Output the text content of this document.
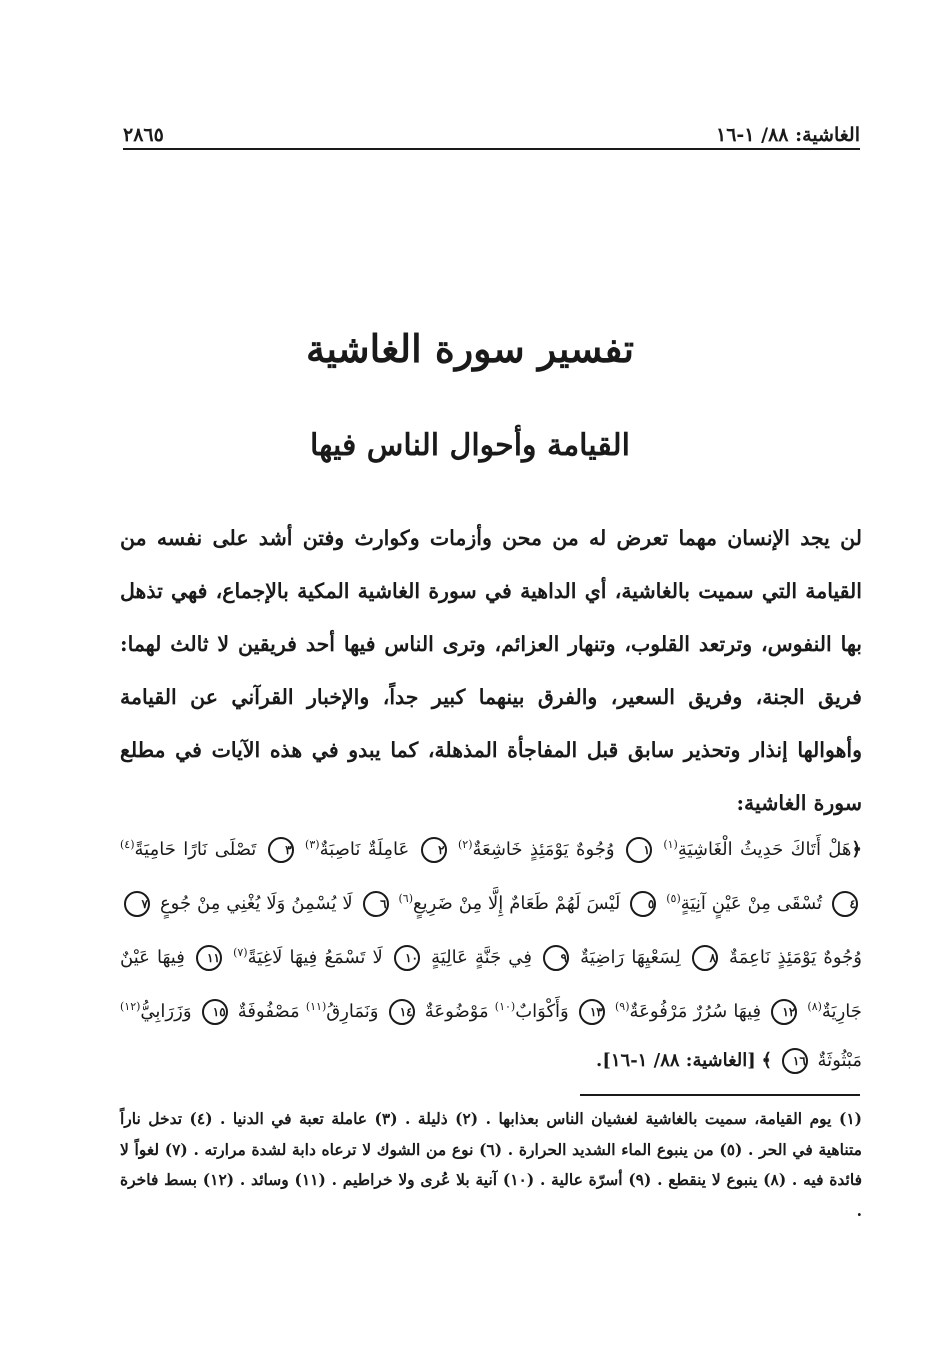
الغاشية: ٨٨/ ١-١٦
٢٨٦٥
تفسير سورة الغاشية
القيامة وأحوال الناس فيها

لن يجد الإنسان مهما تعرض له من محن وأزمات وكوارث وفتن أشد على نفسه من القيامة التي سميت بالغاشية، أي الداهية في سورة الغاشية المكية بالإجماع، فهي تذهل بها النفوس، وترتعد القلوب، وتنهار العزائم، وترى الناس فيها أحد فريقين لا ثالث لهما: فريق الجنة، وفريق السعير، والفرق بينهما كبير جداً، والإخبار القرآني عن القيامة وأهوالها إنذار وتحذير سابق قبل المفاجأة المذهلة، كما يبدو في هذه الآيات في مطلع سورة الغاشية:

﴿هَلْ أَتَاكَ حَدِيثُ الْغَاشِيَةِ$^{(١)}$ ١ وُجُوهٌ يَوْمَئِذٍ خَاشِعَةٌ$^{(٢)}$ ٢ عَامِلَةٌ نَاصِبَةٌ$^{(٣)}$ ٣ تَصْلَى نَارًا حَامِيَةً$^{(٤)}$ ٤ تُسْقَى مِنْ عَيْنٍ آنِيَةٍ$^{(٥)}$ ٥ لَيْسَ لَهُمْ طَعَامٌ إِلَّا مِنْ ضَرِيعٍ$^{(٦)}$ ٦ لَا يُسْمِنُ وَلَا يُغْنِي مِنْ جُوعٍ ٧ وُجُوهٌ يَوْمَئِذٍ نَاعِمَةٌ ٨ لِسَعْيِهَا رَاضِيَةٌ ٩ فِي جَنَّةٍ عَالِيَةٍ ١٠ لَا تَسْمَعُ فِيهَا لَاغِيَةً$^{(٧)}$ ١١ فِيهَا عَيْنٌ جَارِيَةٌ$^{(٨)}$ ١٢ فِيهَا سُرُرٌ مَرْفُوعَةٌ$^{(٩)}$ ١٣ وَأَكْوَابٌ$^{(١٠)}$ مَوْضُوعَةٌ ١٤ وَنَمَارِقُ$^{(١١)}$ مَصْفُوفَةٌ ١٥ وَزَرَابِيُّ$^{(١٢)}$ مَبْثُوثَةٌ ١٦ ﴾ [الغاشية: ٨٨/ ١-١٦].

(١) يوم القيامة، سميت بالغاشية لغشيان الناس بعذابها . (٢) ذليلة . (٣) عاملة تعبة في الدنيا . (٤) تدخل ناراً متناهية في الحر . (٥) من ينبوع الماء الشديد الحرارة . (٦) نوع من الشوك لا ترعاه دابة لشدة مرارته . (٧) لغواً لا فائدة فيه . (٨) ينبوع لا ينقطع . (٩) أسرّة عالية . (١٠) آنية بلا عُرى ولا خراطيم . (١١) وسائد . (١٢) بسط فاخرة .
